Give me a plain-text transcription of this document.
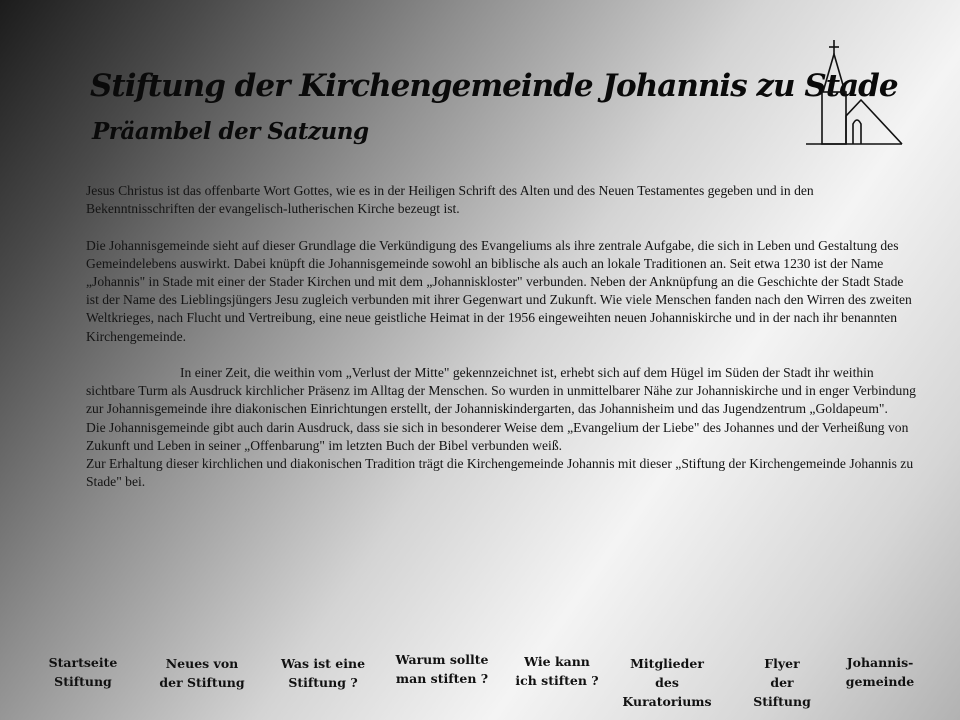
Stiftung der Kirchengemeinde Johannis zu Stade
Präambel der Satzung

Jesus Christus ist das offenbarte Wort Gottes, wie es in der Heiligen Schrift des Alten und des Neuen Testamentes gegeben und in den Bekenntnisschriften der evangelisch-lutherischen Kirche bezeugt ist.

Die Johannisgemeinde sieht auf dieser Grundlage die Verkündigung des Evangeliums als ihre zentrale Aufgabe, die sich in Leben und Gestaltung des Gemeindelebens auswirkt. Dabei knüpft die Johannisgemeinde sowohl an biblische als auch an lokale Traditionen an. Seit etwa 1230 ist der Name „Johannis" in Stade mit einer der Stader Kirchen und mit dem „Johanniskloster" verbunden. Neben der Anknüpfung an die Geschichte der Stadt Stade ist der Name des Lieblingsjüngers Jesu zugleich verbunden mit ihrer Gegenwart und Zukunft. Wie viele Menschen fanden nach den Wirren des zweiten Weltkrieges, nach Flucht und Vertreibung, eine neue geistliche Heimat in der 1956 eingeweihten neuen Johanniskirche und in der nach ihr benannten Kirchengemeinde.

In einer Zeit, die weithin vom „Verlust der Mitte" gekennzeichnet ist, erhebt sich auf dem Hügel im Süden der Stadt ihr weithin sichtbare Turm als Ausdruck kirchlicher Präsenz im Alltag der Menschen. So wurden in unmittelbarer Nähe zur Johanniskirche und in enger Verbindung zur Johannisgemeinde ihre diakonischen Einrichtungen erstellt, der Johanniskindergarten, das Johannisheim und das Jugendzentrum „Goldapeum".

Die Johannisgemeinde gibt auch darin Ausdruck, dass sie sich in besonderer Weise dem „Evangelium der Liebe" des Johannes und der Verheißung von Zukunft und Leben in seiner „Offenbarung" im letzten Buch der Bibel verbunden weiß.

Zur Erhaltung dieser kirchlichen und diakonischen Tradition trägt die Kirchengemeinde Johannis mit dieser „Stiftung der Kirchengemeinde Johannis zu Stade" bei.

Startseite
Stiftung
Neues von
der Stiftung
Was ist eine
Stiftung ?
Warum sollte
man stiften ?
Wie kann
ich stiften ?
Mitglieder
des
Kuratoriums
Flyer
der
Stiftung
Johannis-
gemeinde
